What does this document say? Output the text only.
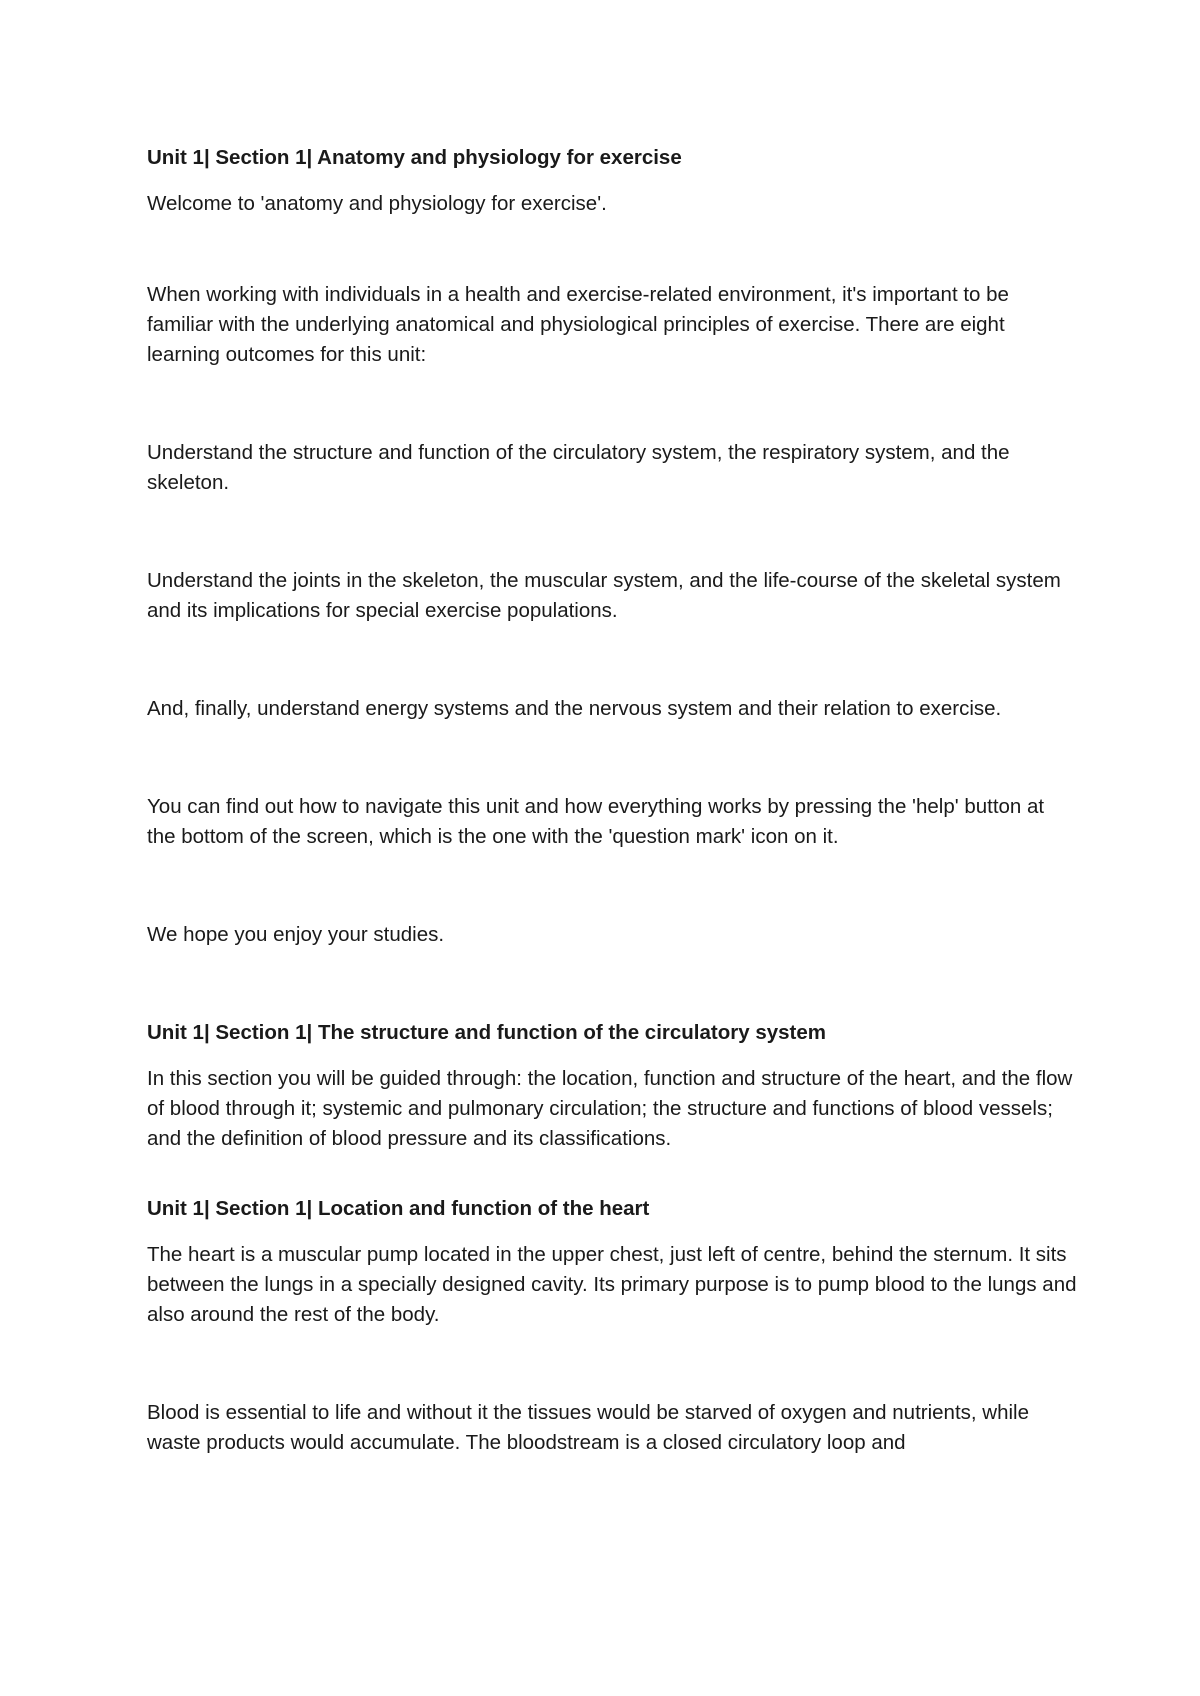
Unit 1| Section 1| Anatomy and physiology for exercise

Welcome to 'anatomy and physiology for exercise'.

When working with individuals in a health and exercise-related environment, it's important to be familiar with the underlying anatomical and physiological principles of exercise. There are eight learning outcomes for this unit:

Understand the structure and function of the circulatory system, the respiratory system, and the skeleton.

Understand the joints in the skeleton, the muscular system, and the life-course of the skeletal system and its implications for special exercise populations.

And, finally, understand energy systems and the nervous system and their relation to exercise.

You can find out how to navigate this unit and how everything works by pressing the 'help' button at the bottom of the screen, which is the one with the 'question mark' icon on it.

We hope you enjoy your studies.

Unit 1| Section 1| The structure and function of the circulatory system

In this section you will be guided through: the location, function and structure of the heart, and the flow of blood through it; systemic and pulmonary circulation; the structure and functions of blood vessels; and the definition of blood pressure and its classifications.

Unit 1| Section 1| Location and function of the heart

The heart is a muscular pump located in the upper chest, just left of centre, behind the sternum. It sits between the lungs in a specially designed cavity. Its primary purpose is to pump blood to the lungs and also around the rest of the body.

Blood is essential to life and without it the tissues would be starved of oxygen and nutrients, while waste products would accumulate. The bloodstream is a closed circulatory loop and
